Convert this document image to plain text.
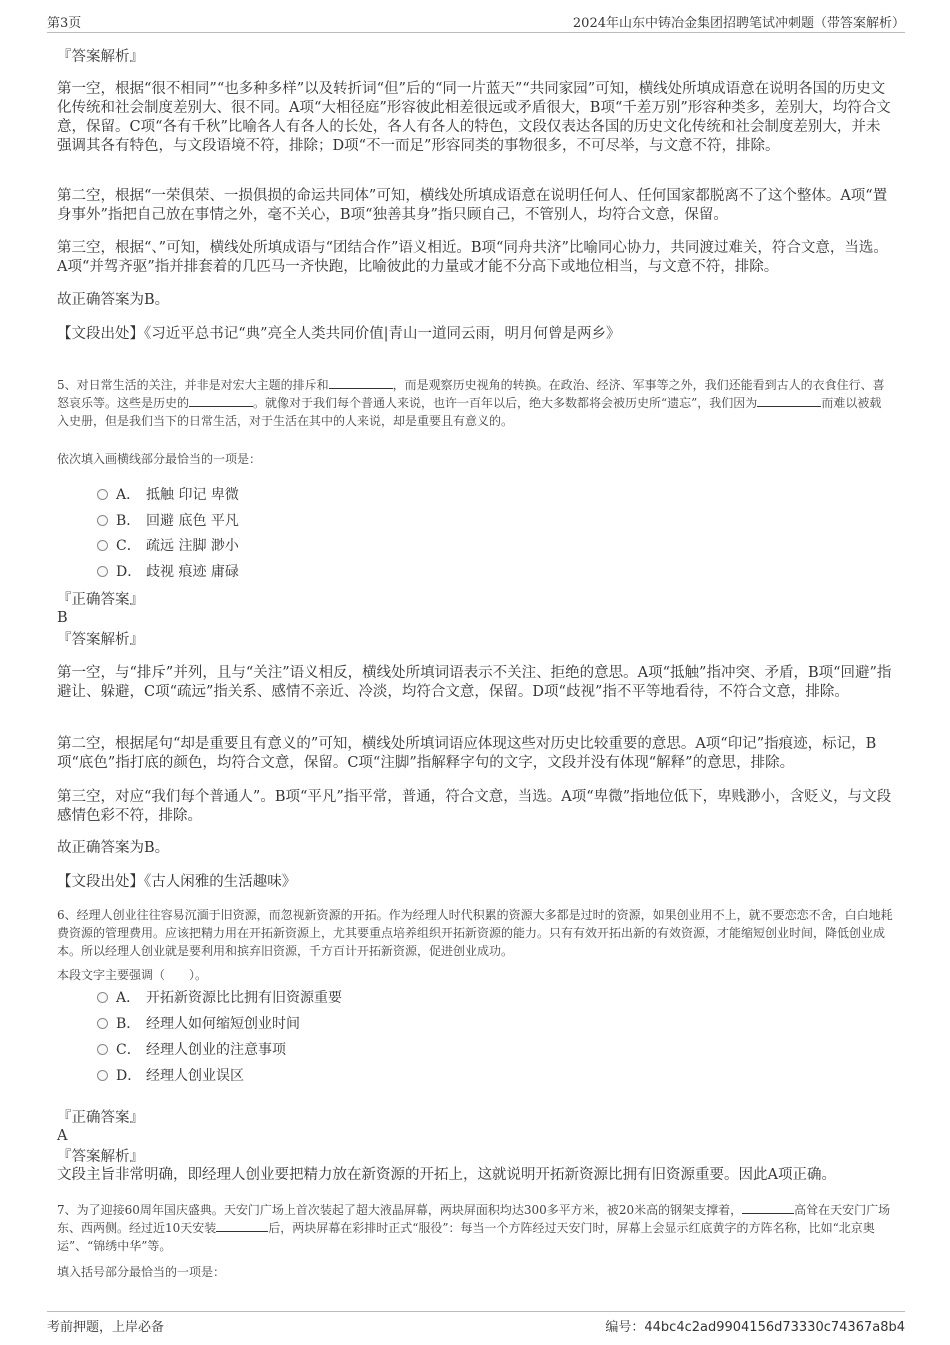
第3页	2024年山东中铸冶金集团招聘笔试冲刺题（带答案解析）
『答案解析』
第一空，根据“很不相同”“也多种多样”以及转折词“但”后的“同一片蓝天”“共同家园”可知，横线处所填成语意在说明各国的历史文化传统和社会制度差别大、很不同。A项“大相径庭”形容彼此相差很远或矛盾很大，B项“千差万别”形容种类多，差别大，均符合文意，保留。C项“各有千秋”比喻各人有各人的长处，各人有各人的特色，文段仅表达各国的历史文化传统和社会制度差别大，并未强调其各有特色，与文段语境不符，排除；D项“不一而足”形容同类的事物很多，不可尽举，与文意不符，排除。
第二空，根据“一荣俱荣、一损俱损的命运共同体”可知，横线处所填成语意在说明任何人、任何国家都脱离不了这个整体。A项“置身事外”指把自己放在事情之外，毫不关心，B项“独善其身”指只顾自己，不管别人，均符合文意，保留。
第三空，根据“、”可知，横线处所填成语与“团结合作”语义相近。B项“同舟共济”比喻同心协力，共同渡过难关，符合文意，当选。A项“并驾齐驱”指并排套着的几匹马一齐快跑，比喻彼此的力量或才能不分高下或地位相当，与文意不符，排除。
故正确答案为B。
【文段出处】《习近平总书记“典”亮全人类共同价值|青山一道同云雨，明月何曾是两乡》
5、对日常生活的关注，并非是对宏大主题的排斥和	，而是观察历史视角的转换。在政治、经济、军事等之外，我们还能看到古人的衣食住行、喜怒哀乐等。这些是历史的	。就像对于我们每个普通人来说，也许一百年以后，绝大多数都将会被历史所“遗忘”，我们因为	而难以被载入史册，但是我们当下的日常生活，对于生活在其中的人来说，却是重要且有意义的。
依次填入画横线部分最恰当的一项是：
A． 抵触 印记 卑微
B． 回避 底色 平凡
C． 疏远 注脚 渺小
D． 歧视 痕迹 庸碌
『正确答案』
B
『答案解析』
第一空，与“排斥”并列，且与“关注”语义相反，横线处所填词语表示不关注、拒绝的意思。A项“抵触”指冲突、矛盾，B项“回避”指避让、躲避，C项“疏远”指关系、感情不亲近、冷淡，均符合文意，保留。D项“歧视”指不平等地看待，不符合文意，排除。
第二空，根据尾句“却是重要且有意义的”可知，横线处所填词语应体现这些对历史比较重要的意思。A项“印记”指痕迹，标记，B项“底色”指打底的颜色，均符合文意，保留。C项“注脚”指解释字句的文字，文段并没有体现“解释”的意思，排除。
第三空，对应“我们每个普通人”。B项“平凡”指平常，普通，符合文意，当选。A项“卑微”指地位低下，卑贱渺小，含贬义，与文段感情色彩不符，排除。
故正确答案为B。
【文段出处】《古人闲雅的生活趣味》
6、经理人创业往往容易沉湎于旧资源，而忽视新资源的开拓。作为经理人时代积累的资源大多都是过时的资源，如果创业用不上，就不要恋恋不舍，白白地耗费资源的管理费用。应该把精力用在开拓新资源上，尤其要重点培养组织开拓新资源的能力。只有有效开拓出新的有效资源，才能缩短创业时间，降低创业成本。所以经理人创业就是要利用和摈弃旧资源，千方百计开拓新资源，促进创业成功。
本段文字主要强调（　　）。
A． 开拓新资源比比拥有旧资源重要
B． 经理人如何缩短创业时间
C． 经理人创业的注意事项
D． 经理人创业误区
『正确答案』
A
『答案解析』
文段主旨非常明确，即经理人创业要把精力放在新资源的开拓上，这就说明开拓新资源比拥有旧资源重要。因此A项正确。
7、为了迎接60周年国庆盛典。天安门广场上首次装起了超大液晶屏幕，两块屏面积均达300多平方米，被20米高的钢架支撑着，	高耸在天安门广场东、西两侧。经过近10天安装	后，两块屏幕在彩排时正式“服役”：每当一个方阵经过天安门时，屏幕上会显示红底黄字的方阵名称，比如“北京奥运”、“锦绣中华”等。
填入括号部分最恰当的一项是：
考前押题，上岸必备	编号：44bc4c2ad9904156d73330c74367a8b4
